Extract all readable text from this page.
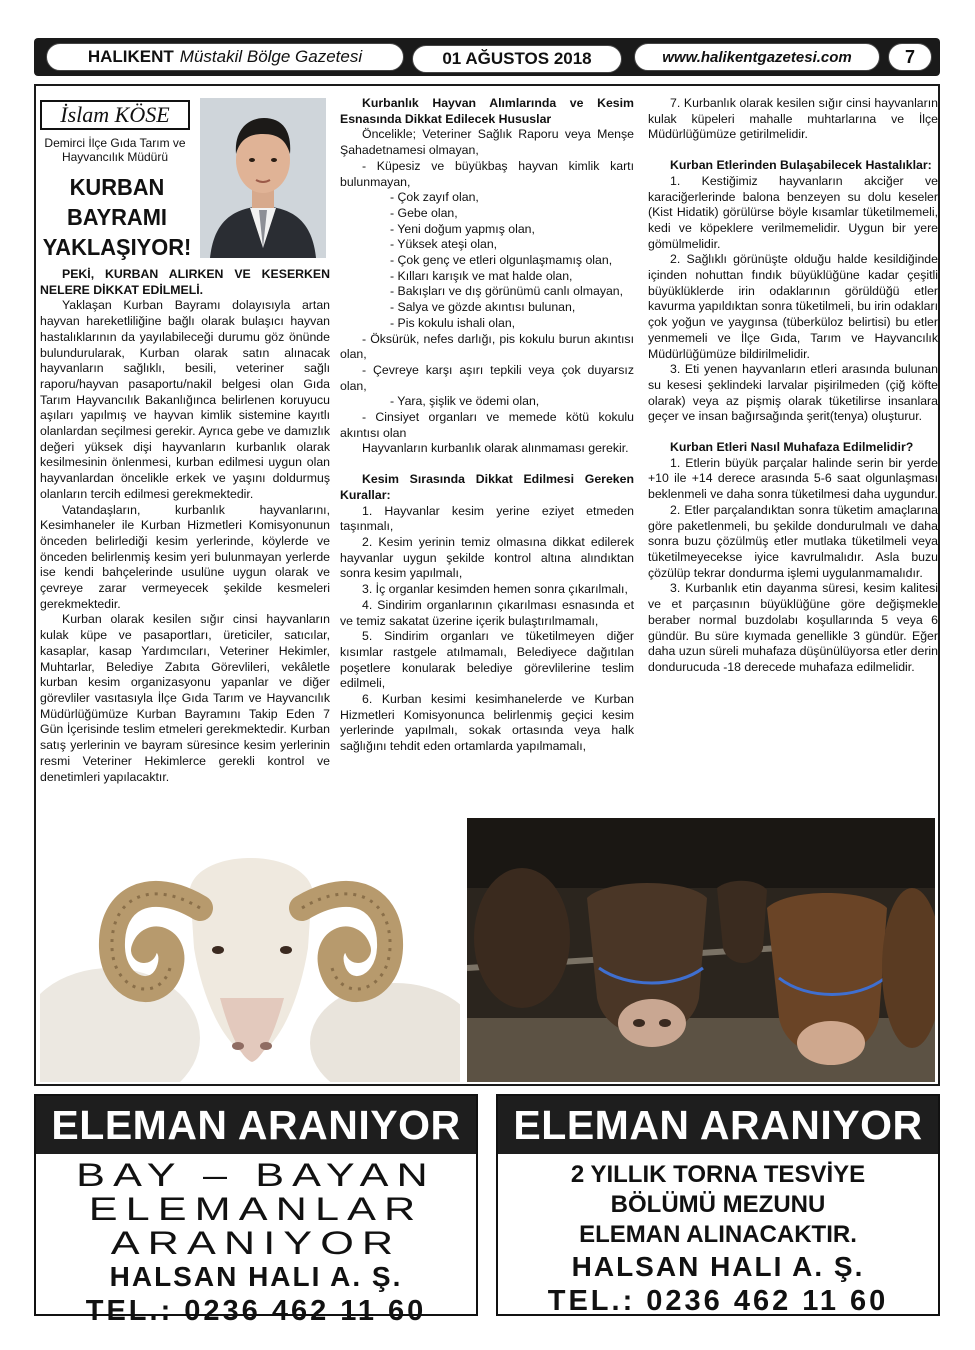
HALIKENT Müstakil Bölge Gazetesi	01 AĞUSTOS 2018	www.halikentgazetesi.com	7
İslam KÖSE
Demirci İlçe Gıda Tarım ve Hayvancılık Müdürü
KURBAN
BAYRAMI
YAKLAŞIYOR!

PEKİ, KURBAN ALIRKEN VE KESERKEN NELERE DİKKAT EDİLMELİ.

Yaklaşan Kurban Bayramı dolayısıyla artan hayvan hareketliliğine bağlı olarak bulaşıcı hayvan hastalıklarının da yayılabileceği durumu göz önünde bulundurularak, Kurban olarak satın alınacak hayvanların sağlıklı, besili, veteriner sağlı raporu/hayvan pasaportu/nakil belgesi olan Gıda Tarım Hayvancılık Bakanlığınca belirlenen koruyucu aşıları yapılmış ve hayvan kimlik sistemine kayıtlı olanlardan seçilmesi gerekir. Ayrıca gebe ve damızlık değeri yüksek dişi hayvanların kurbanlık olarak kesilmesinin önlenmesi, kurban edilmesi uygun olan hayvanlardan öncelikle erkek ve yaşını doldurmuş olanların tercih edilmesi gerekmektedir.

Vatandaşların, kurbanlık hayvanlarını, Kesimhaneler ile Kurban Hizmetleri Komisyonunun önceden belirlediği kesim yerlerinde, köylerde ve önceden belirlenmiş kesim yeri bulunmayan yerlerde ise kendi bahçelerinde usulüne uygun olarak ve çevreye zarar vermeyecek şekilde kesmeleri gerekmektedir.

Kurban olarak kesilen sığır cinsi hayvanların kulak küpe ve pasaportları, üreticiler, satıcılar, kasaplar, kasap Yardımcıları, Veteriner Hekimler, Muhtarlar, Belediye Zabıta Görevlileri, vekâletle kurban kesim organizasyonu yapanlar ve diğer görevliler vasıtasıyla İlçe Gıda Tarım ve Hayvancılık Müdürlüğümüze Kurban Bayramını Takip Eden 7 Gün İçerisinde teslim etmeleri gerekmektedir. Kurban satış yerlerinin ve bayram süresince kesim yerlerinin resmi Veteriner Hekimlerce gerekli kontrol ve denetimleri yapılacaktır.

Kurbanlık Hayvan Alımlarında ve Kesim Esnasında Dikkat Edilecek Hususlar

Öncelikle; Veteriner Sağlık Raporu veya Menşe Şahadetnamesi olmayan,

- Küpesiz ve büyükbaş hayvan kimlik kartı bulunmayan,

- Çok zayıf olan,

- Gebe olan,

- Yeni doğum yapmış olan,

- Yüksek ateşi olan,

- Çok genç ve etleri olgunlaşmamış olan,

- Kılları karışık ve mat halde olan,

- Bakışları ve dış görünümü canlı olmayan,

- Salya ve gözde akıntısı bulunan,

- Pis kokulu ishali olan,

- Öksürük, nefes darlığı, pis kokulu burun akıntısı olan,

- Çevreye karşı aşırı tepkili veya çok duyarsız olan,

- Yara, şişlik ve ödemi olan,

- Cinsiyet organları ve memede kötü kokulu akıntısı olan

Hayvanların kurbanlık olarak alınmaması gerekir.

Kesim Sırasında Dikkat Edilmesi Gereken Kurallar:

1. Hayvanlar kesim yerine eziyet etmeden taşınmalı,

2. Kesim yerinin temiz olmasına dikkat edilerek hayvanlar uygun şekilde kontrol altına alındıktan sonra kesim yapılmalı,

3. İç organlar kesimden hemen sonra çıkarılmalı,

4. Sindirim organlarının çıkarılması esnasında et ve temiz sakatat üzerine içerik bulaştırılmamalı,

5. Sindirim organları ve tüketilmeyen diğer kısımlar rastgele atılmamalı, Belediyece dağıtılan poşetlere konularak belediye görevlilerine teslim edilmeli,

6. Kurban kesimi kesimhanelerde ve Kurban Hizmetleri Komisyonunca belirlenmiş geçici kesim yerlerinde yapılmalı, sokak ortasında veya halk sağlığını tehdit eden ortamlarda yapılmamalı,

7. Kurbanlık olarak kesilen sığır cinsi hayvanların kulak küpeleri mahalle muhtarlarına ve İlçe Müdürlüğümüze getirilmelidir.

Kurban Etlerinden Bulaşabilecek Hastalıklar:

1. Kestiğimiz hayvanların akciğer ve karaciğerlerinde balona benzeyen su dolu keseler (Kist Hidatik) görülürse böyle kısamlar tüketilmemeli, kedi ve köpeklere verilmemelidir. Uygun bir yere gömülmelidir.

2. Sağlıklı görünüşte olduğu halde kesildiğinde içinden nohuttan fındık büyüklüğüne kadar çeşitli büyüklüklerde irin odaklarının görüldüğü etler kavurma yapıldıktan sonra tüketilmeli, bu irin odakları çok yoğun ve yaygınsa (tüberküloz belirtisi) bu etler yenmemeli ve İlçe Gıda, Tarım ve Hayvancılık Müdürlüğümüze bildirilmelidir.

3. Eti yenen hayvanların etleri arasında bulunan su kesesi şeklindeki larvalar pişirilmeden (çiğ köfte olarak) veya az pişmiş olarak tüketilirse insanlara geçer ve insan bağırsağında şerit(tenya) oluşturur.

Kurban Etleri Nasıl Muhafaza Edilmelidir?

1. Etlerin büyük parçalar halinde serin bir yerde +10 ile +14 derece arasında 5-6 saat olgunlaşması beklenmeli ve daha sonra tüketilmesi daha uygundur.

2. Etler parçalandıktan sonra tüketim amaçlarına göre paketlenmeli, bu şekilde dondurulmalı ve daha sonra buzu çözülmüş etler mutlaka tüketilmeli veya tüketilmeyecekse iyice kavrulmalıdır. Asla buzu çözülüp tekrar dondurma işlemi uygulanmamalıdır.

3. Kurbanlık etin dayanma süresi, kesim kalitesi ve et parçasının büyüklüğüne göre değişmekle beraber normal buzdolabı koşullarında 5 veya 6 gündür. Bu süre kıymada genellikle 3 gündür. Eğer daha uzun süreli muhafaza düşünülüyorsa etler derin dondurucuda -18 derecede muhafaza edilmelidir.

ELEMAN ARANIYOR
BAY – BAYAN
ELEMANLAR
ARANIYOR
HALSAN HALI A. Ş.
TEL.: 0236 462 11 60
ELEMAN ARANIYOR
2 YILLIK TORNA TESVİYE
BÖLÜMÜ MEZUNU
ELEMAN ALINACAKTIR.
HALSAN HALI A. Ş.
TEL.: 0236 462 11 60
